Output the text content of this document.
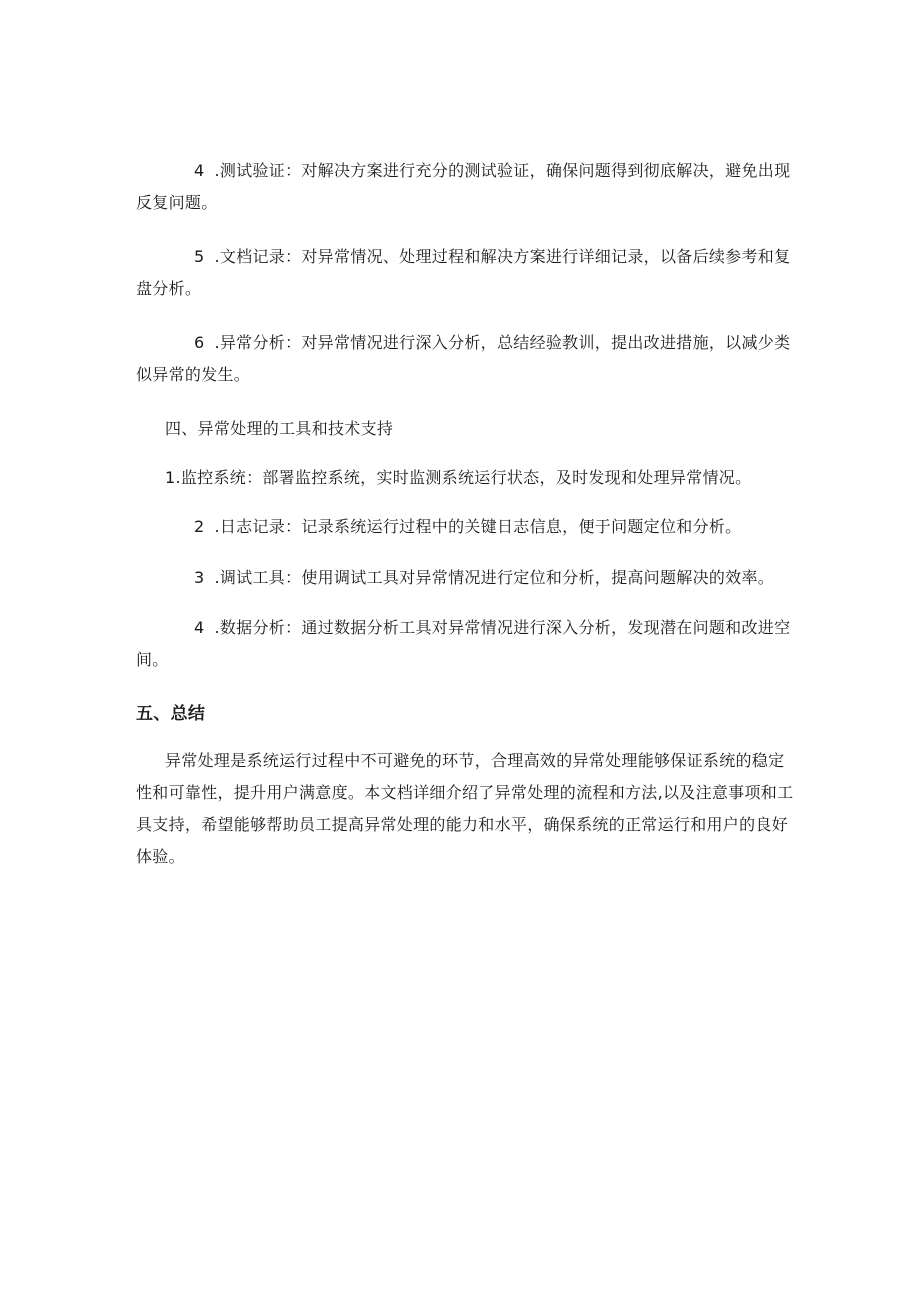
4 .测试验证：对解决方案进行充分的测试验证，确保问题得到彻底解决，避免出现反复问题。

5 .文档记录：对异常情况、处理过程和解决方案进行详细记录，以备后续参考和复盘分析。

6 .异常分析：对异常情况进行深入分析，总结经验教训，提出改进措施，以减少类似异常的发生。

四、异常处理的工具和技术支持

1.监控系统：部署监控系统，实时监测系统运行状态，及时发现和处理异常情况。

2 .日志记录：记录系统运行过程中的关键日志信息，便于问题定位和分析。

3 .调试工具：使用调试工具对异常情况进行定位和分析，提高问题解决的效率。

4 .数据分析：通过数据分析工具对异常情况进行深入分析，发现潜在问题和改进空间。

五、总结

异常处理是系统运行过程中不可避免的环节，合理高效的异常处理能够保证系统的稳定性和可靠性，提升用户满意度。本文档详细介绍了异常处理的流程和方法,以及注意事项和工具支持，希望能够帮助员工提高异常处理的能力和水平，确保系统的正常运行和用户的良好体验。
